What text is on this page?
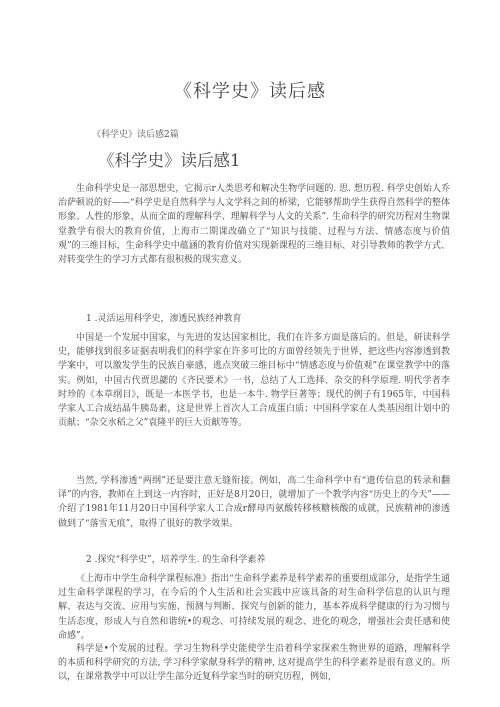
《科学史》读后感
《科学史》读后感2篇
《科学史》读后感1

生命科学史是一部思想史，它揭示r人类思考和解决生物学问题的. 思. 想历程. 科学史创始人乔治萨顿说的好——“科学史是自然科学与人文学科之间的桥梁，它能够帮助学生获得自然科学的整体形象、人性的形象，从而全面的理解科学、理解科学与人文的关系”. 生命科学的研究历程对生物课堂教学有很大的教育价值，上海市二期课改确立了“知识与技能、过程与方法、情感态度与价值观”的三维目标，生命科学史中蕴涵的教育价值对实现新课程的三维目标、对引导教师的教学方式、对转变学生的学习方式都有很积极的现实意义。

1 .灵活运用科学史，渗透民族经神教育

中国是一个发展中国家，与先进的发达国家相比，我们在许多方面是落后的。但是，研读科学史，能够找到很多证据表明我们的科学家在许多可比的方面曾经领先于世界，把这些内容渗透到教学案中，可以激发学生的民族自豪感，逃点突破三维目标中“情感态度与价值观”在课堂教学中的落实。例如，中国古代贾思勰的《齐民要术》一书，总结了人工选择、杂交的科学原理. 明代学者李时珍的《本草纲目》，既是一本医学书，也是一本牛. 物学巨著等；现代的例子有1965年，中国科学家人工合成结晶牛胰岛素，这是世界上首次人工合成蛋白质；中国科学家在人类基因组计划中的贡献；“杂交水稻之父”袁隆平的巨大贡献等等。

当然, 学科渗透“两纲”还是要注意无缝衔接。例如，高二生命科学中有“遗传信息的转录和翻译”的内容，教师在上到这一内容时，正好是8月20日，就增加了一个教学内容“历史上的今天”——介绍了1981年11月20日中国科学家人工合成r酵母丙氨酸转移核糖核酸的成就，民族精神的渗透做到了“落雪无痕”，取得了很好的教学效果。

2 .探究“科学史”，培养学生. 的生命科学素养

《上海市中学生命科学课程标准》指出“生命科学素养是科学素养的重要组成部分，是指学生通过生命科学课程的学习，在今后的个人生活和社会实践中应该具备的对生命科学信息的认识与理解、表达与交流、应用与实施、预测与判断、探究与创新的能力，基本养成科学健康的行为习惯与生活态度，形成人与自然和谐统•的观念、可持续发展的观念、进化的观念，增强社会责任感和使命感”。

科学是•个发展的过程。学习生物科学史能使学生沿着科学家探索生物世界的道路，理解科学的本质和科学研究的方法, 学习科学家献身科学的精神, 这对提高学生的科学素养是很有意义的。所以，在课常教学中可以让学生部分近复科学家当时的研究历程，例如,
